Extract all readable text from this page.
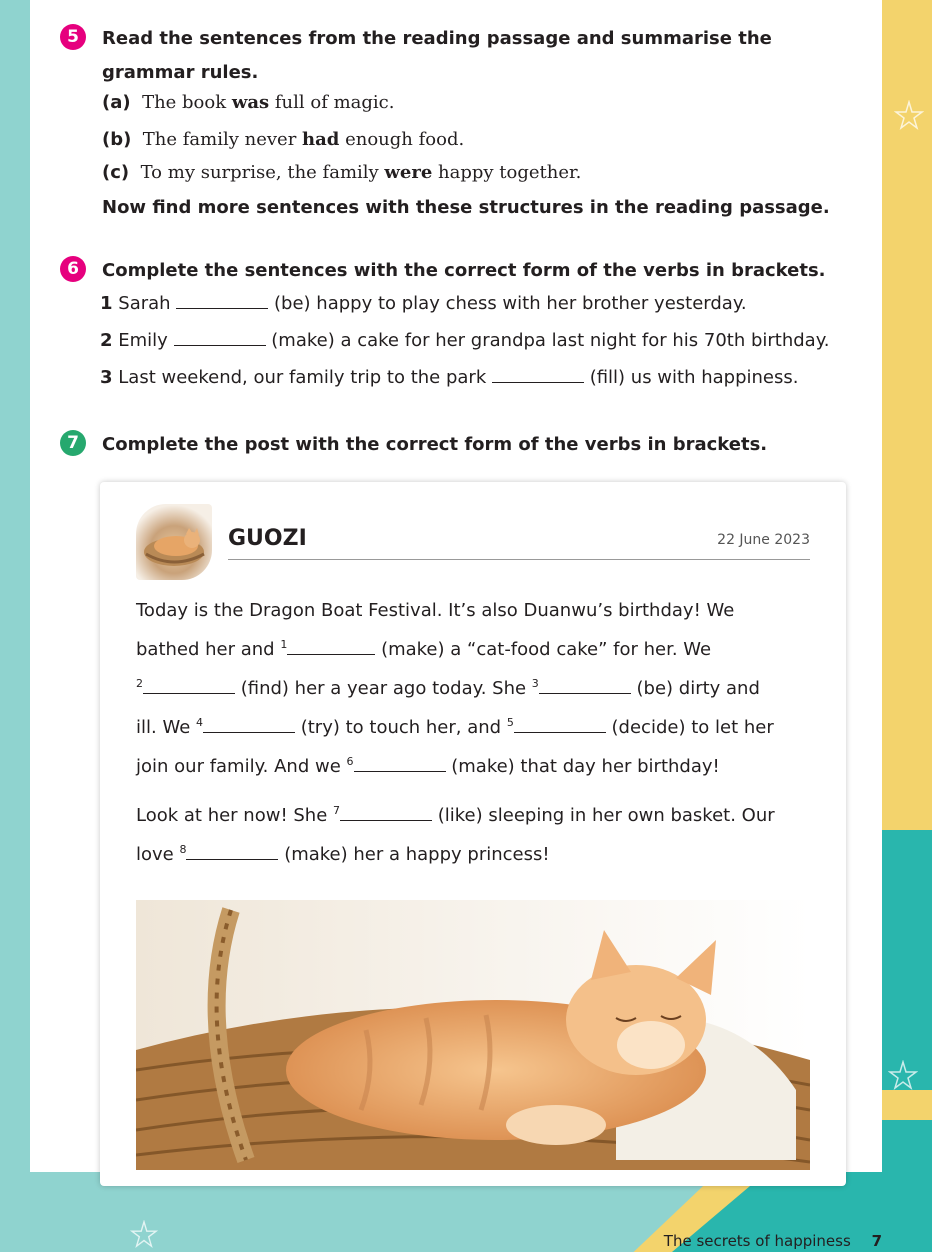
5	Read the sentences from the reading passage and summarise the grammar rules.
(a) The book was full of magic.
(b) The family never had enough food.
(c) To my surprise, the family were happy together.
Now find more sentences with these structures in the reading passage.
6	Complete the sentences with the correct form of the verbs in brackets.
1 Sarah	(be) happy to play chess with her brother yesterday.
2 Emily	(make) a cake for her grandpa last night for his 70th birthday.
3 Last weekend, our family trip to the park	(fill) us with happiness.
7	Complete the post with the correct form of the verbs in brackets.
GUOZI	22 June 2023
Today is the Dragon Boat Festival. It’s also Duanwu’s birthday! We
bathed her and $^1$	(make) a “cat-food cake” for her. We
$^2$	(find) her a year ago today. She $^3$	(be) dirty and
ill. We $^4$	(try) to touch her, and $^5$	(decide) to let her
join our family. And we $^6$	(make) that day her birthday!
Look at her now! She $^7$	(like) sleeping in her own basket. Our
love $^8$	(make) her a happy princess!
The secrets of happiness 7
